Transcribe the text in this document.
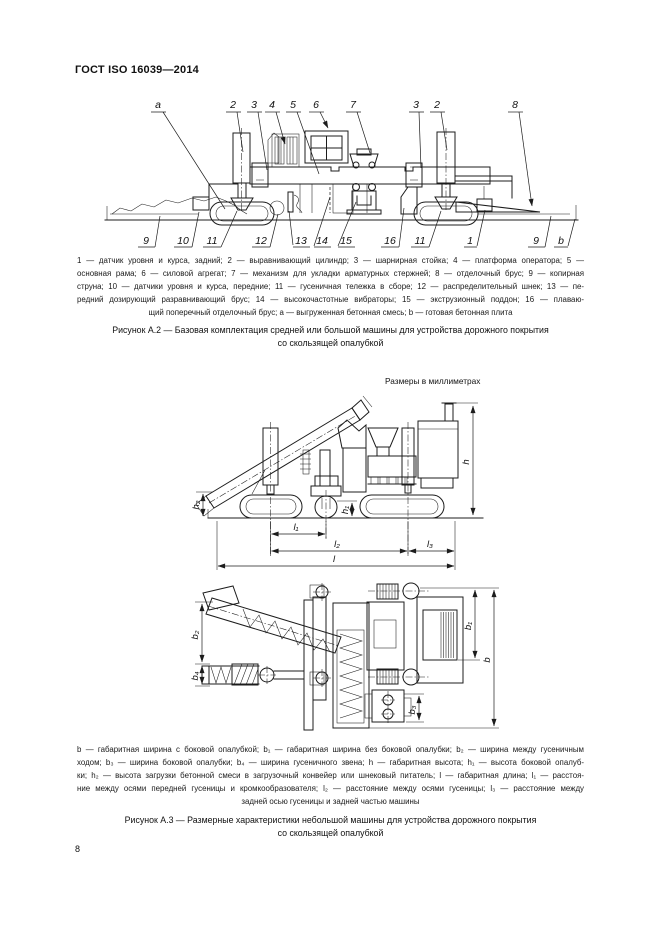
ГОСТ ISO 16039—2014
a	2 3 4 5 6	7	3 2	8
9	10 11	12	13 14 15	16 11	1	9 b
1 — датчик уровня и курса, задний; 2 — выравнивающий цилиндр; 3 — шарнирная стойка; 4 — платформа оператора; 5 —
основная рама; 6 — силовой агрегат; 7 — механизм для укладки арматурных стержней; 8 — отделочный брус; 9 — копирная
струна; 10 — датчики уровня и курса, передние; 11 — гусеничная тележка в сборе; 12 — распределительный шнек; 13 — пе-
редний дозирующий разравнивающий брус; 14 — высокочастотные вибраторы; 15 — экструзионный поддон; 16 — плаваю-
щий поперечный отделочный брус; a — выгруженная бетонная смесь; b — готовая бетонная плита
Рисунок А.2 — Базовая комплектация средней или большой машины для устройства дорожного покрытия
со скользящей опалубкой
Размеры в миллиметрах
h
h₁
h₂
l₁
l₂	l₃
l
b₁
b
b₂
b₄
b₃
b — габаритная ширина с боковой опалубкой; b₁ — габаритная ширина без боковой опалубки; b₂ — ширина между гусеничным
ходом; b₃ — ширина боковой опалубки; b₄ — ширина гусеничного звена; h — габаритная высота; h₁ — высота боковой опалуб-
ки; h₂ — высота загрузки бетонной смеси в загрузочный конвейер или шнековый питатель; l — габаритная длина; l₁ — расстоя-
ние между осями передней гусеницы и кромкообразователя; l₂ — расстояние между осями гусеницы; l₃ — расстояние между
задней осью гусеницы и задней частью машины
Рисунок А.3 — Размерные характеристики небольшой машины для устройства дорожного покрытия
со скользящей опалубкой
8
